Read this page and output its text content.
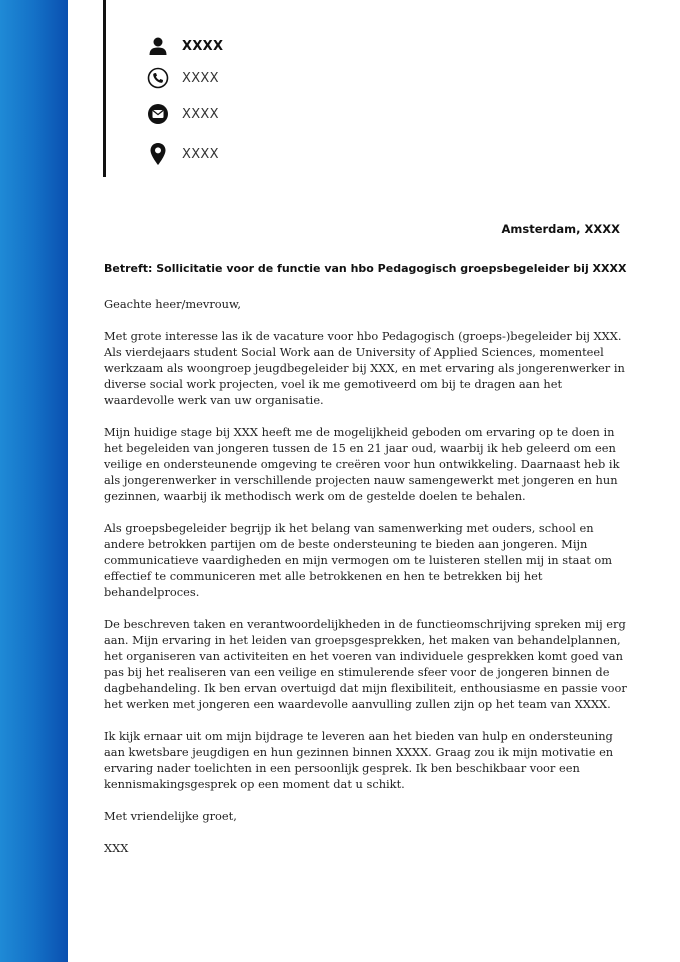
XXXX
XXXX
XXXX
XXXX
Amsterdam, XXXX
Betreft: Sollicitatie voor de functie van hbo Pedagogisch groepsbegeleider bij XXXX

Geachte heer/mevrouw,

Met grote interesse las ik de vacature voor hbo Pedagogisch (groeps-)begeleider bij XXX. Als vierdejaars student Social Work aan de University of Applied Sciences, momenteel werkzaam als woongroep jeugdbegeleider bij XXX, en met ervaring als jongerenwerker in diverse social work projecten, voel ik me gemotiveerd om bij te dragen aan het waardevolle werk van uw organisatie.

Mijn huidige stage bij XXX heeft me de mogelijkheid geboden om ervaring op te doen in het begeleiden van jongeren tussen de 15 en 21 jaar oud, waarbij ik heb geleerd om een veilige en ondersteunende omgeving te creëren voor hun ontwikkeling. Daarnaast heb ik als jongerenwerker in verschillende projecten nauw samengewerkt met jongeren en hun gezinnen, waarbij ik methodisch werk om de gestelde doelen te behalen.

Als groepsbegeleider begrijp ik het belang van samenwerking met ouders, school en andere betrokken partijen om de beste ondersteuning te bieden aan jongeren. Mijn communicatieve vaardigheden en mijn vermogen om te luisteren stellen mij in staat om effectief te communiceren met alle betrokkenen en hen te betrekken bij het behandelproces.

De beschreven taken en verantwoordelijkheden in de functieomschrijving spreken mij erg aan. Mijn ervaring in het leiden van groepsgesprekken, het maken van behandelplannen, het organiseren van activiteiten en het voeren van individuele gesprekken komt goed van pas bij het realiseren van een veilige en stimulerende sfeer voor de jongeren binnen de dagbehandeling. Ik ben ervan overtuigd dat mijn flexibiliteit, enthousiasme en passie voor het werken met jongeren een waardevolle aanvulling zullen zijn op het team van XXXX.

Ik kijk ernaar uit om mijn bijdrage te leveren aan het bieden van hulp en ondersteuning aan kwetsbare jeugdigen en hun gezinnen binnen XXXX. Graag zou ik mijn motivatie en ervaring nader toelichten in een persoonlijk gesprek. Ik ben beschikbaar voor een kennismakingsgesprek op een moment dat u schikt.

Met vriendelijke groet,

XXX
